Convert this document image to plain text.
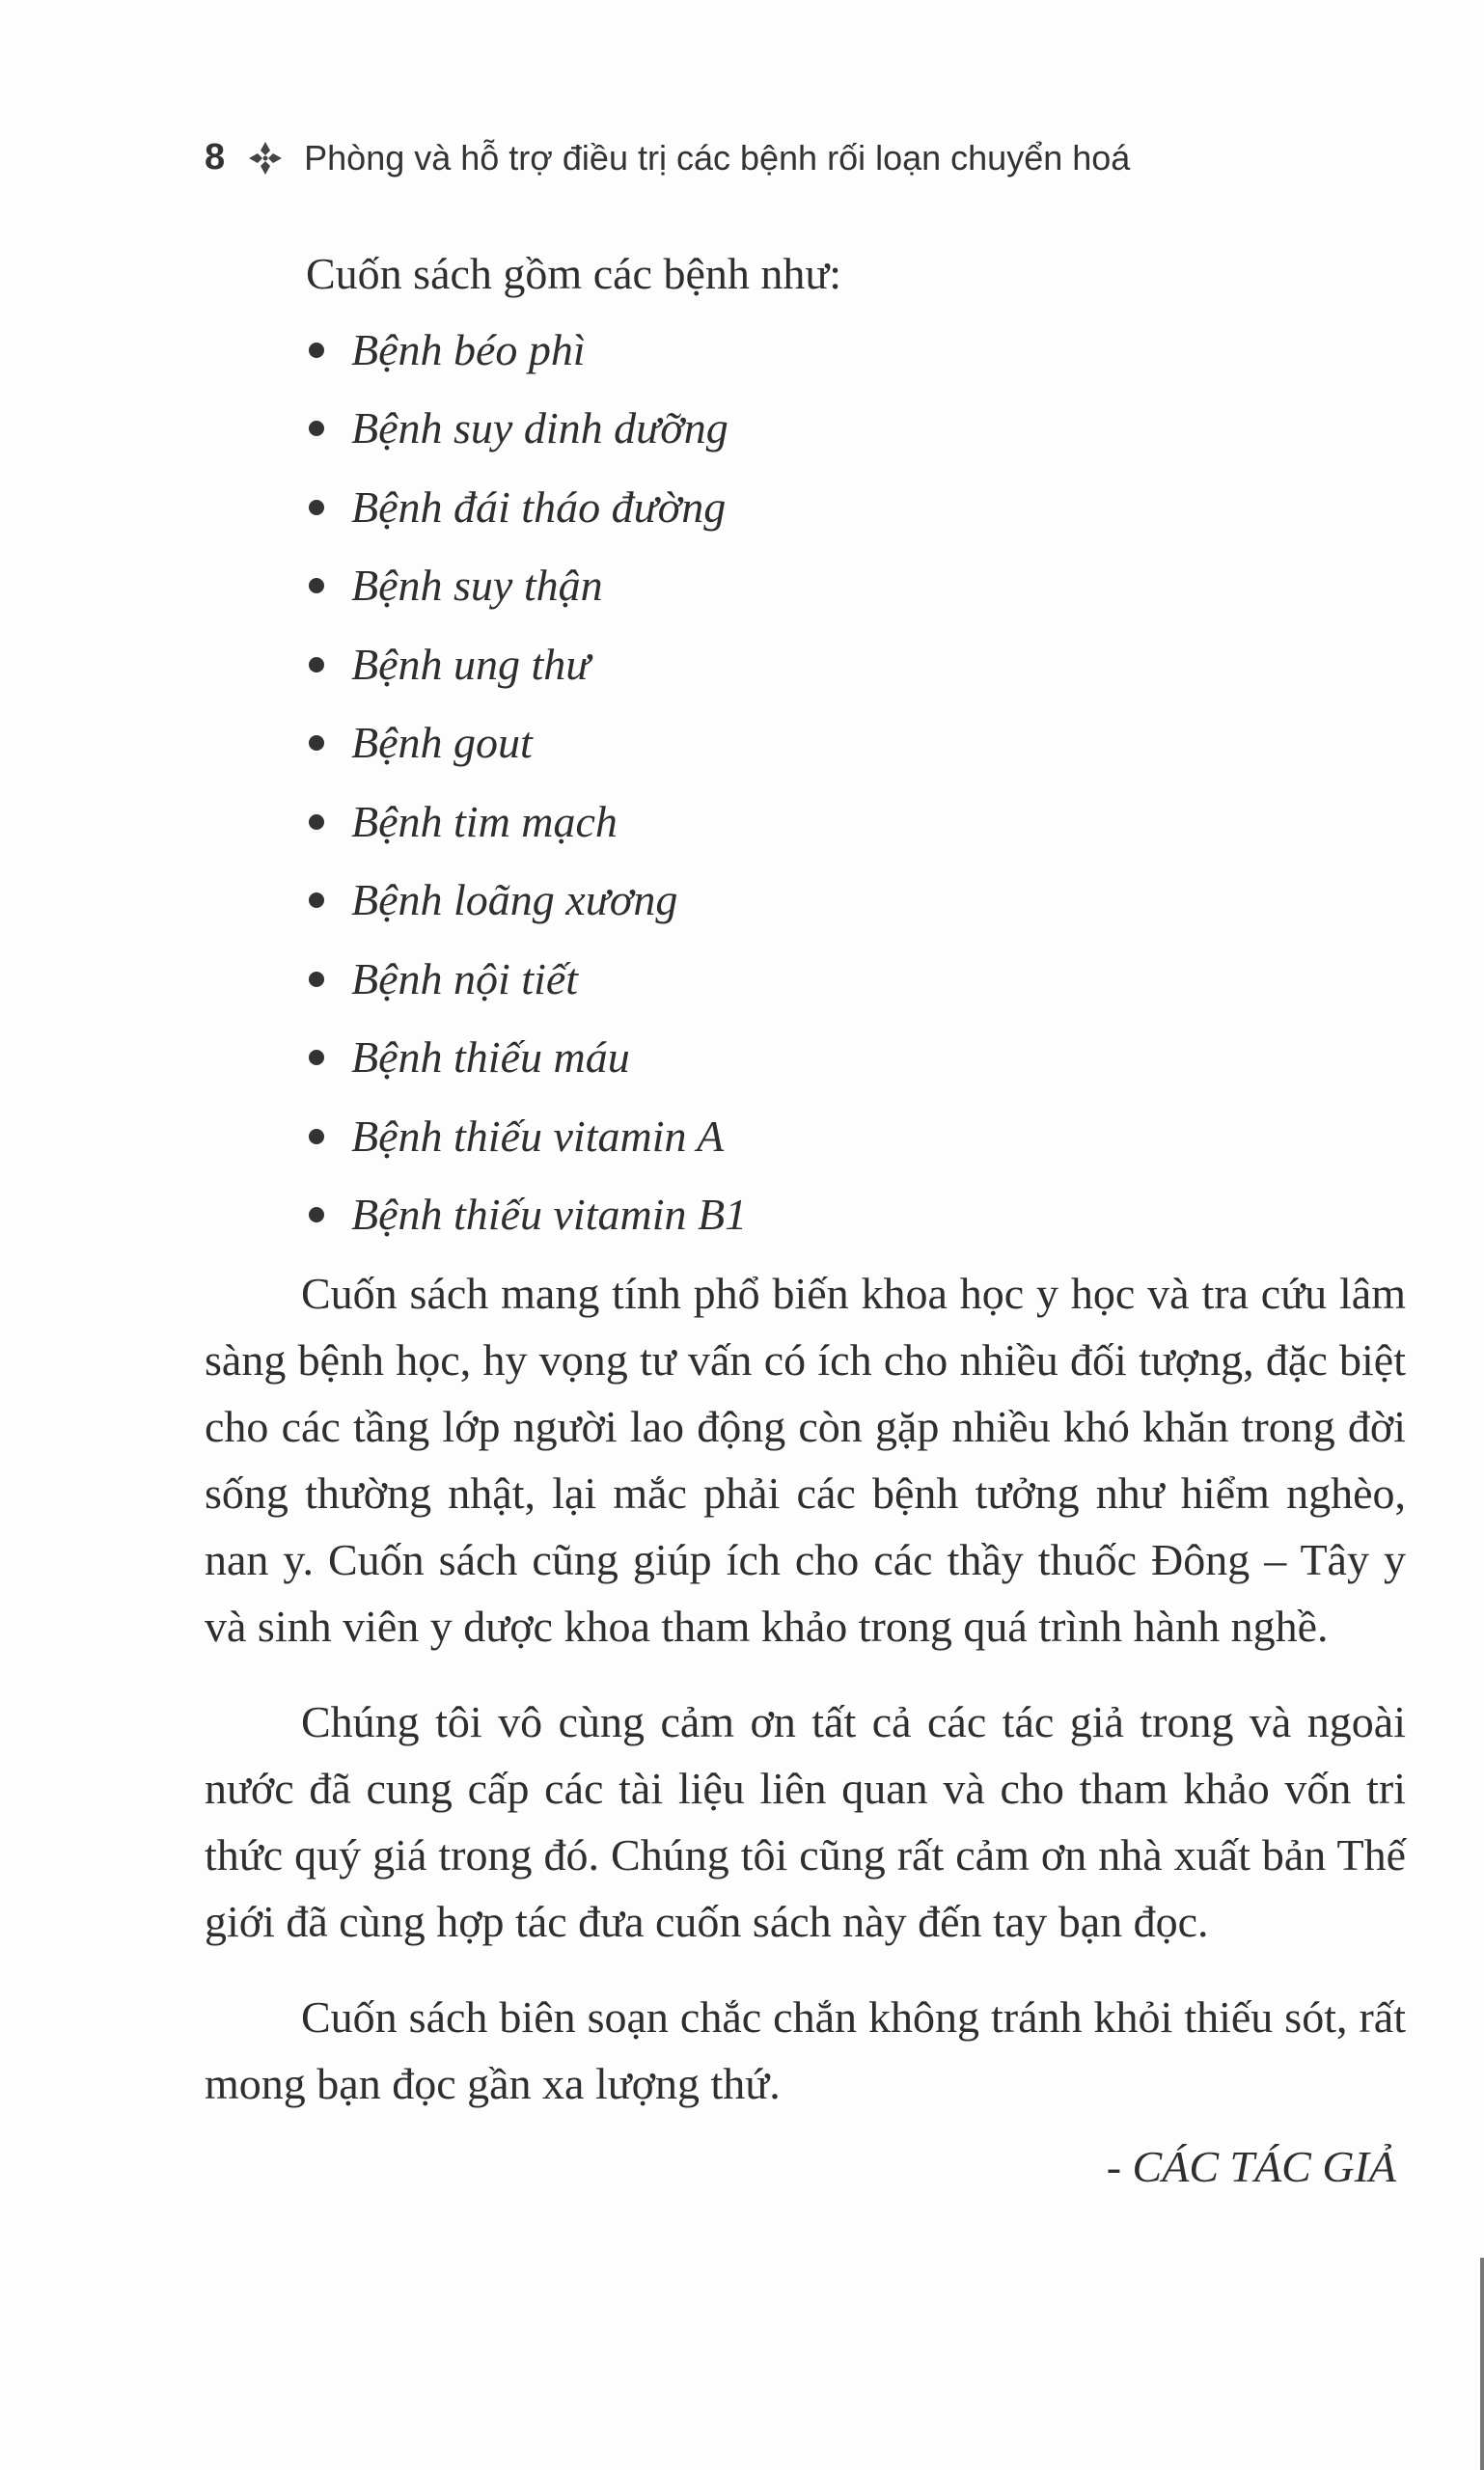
8 Phòng và hỗ trợ điều trị các bệnh rối loạn chuyển hoá
Cuốn sách gồm các bệnh như:
Bệnh béo phì
Bệnh suy dinh dưỡng
Bệnh đái tháo đường
Bệnh suy thận
Bệnh ung thư
Bệnh gout
Bệnh tim mạch
Bệnh loãng xương
Bệnh nội tiết
Bệnh thiếu máu
Bệnh thiếu vitamin A
Bệnh thiếu vitamin B1

Cuốn sách mang tính phổ biến khoa học y học và tra cứu lâm sàng bệnh học, hy vọng tư vấn có ích cho nhiều đối tượng, đặc biệt cho các tầng lớp người lao động còn gặp nhiều khó khăn trong đời sống thường nhật, lại mắc phải các bệnh tưởng như hiểm nghèo, nan y. Cuốn sách cũng giúp ích cho các thầy thuốc Đông – Tây y và sinh viên y dược khoa tham khảo trong quá trình hành nghề.

Chúng tôi vô cùng cảm ơn tất cả các tác giả trong và ngoài nước đã cung cấp các tài liệu liên quan và cho tham khảo vốn tri thức quý giá trong đó. Chúng tôi cũng rất cảm ơn nhà xuất bản Thế giới đã cùng hợp tác đưa cuốn sách này đến tay bạn đọc.

Cuốn sách biên soạn chắc chắn không tránh khỏi thiếu sót, rất mong bạn đọc gần xa lượng thứ.

- CÁC TÁC GIẢ
